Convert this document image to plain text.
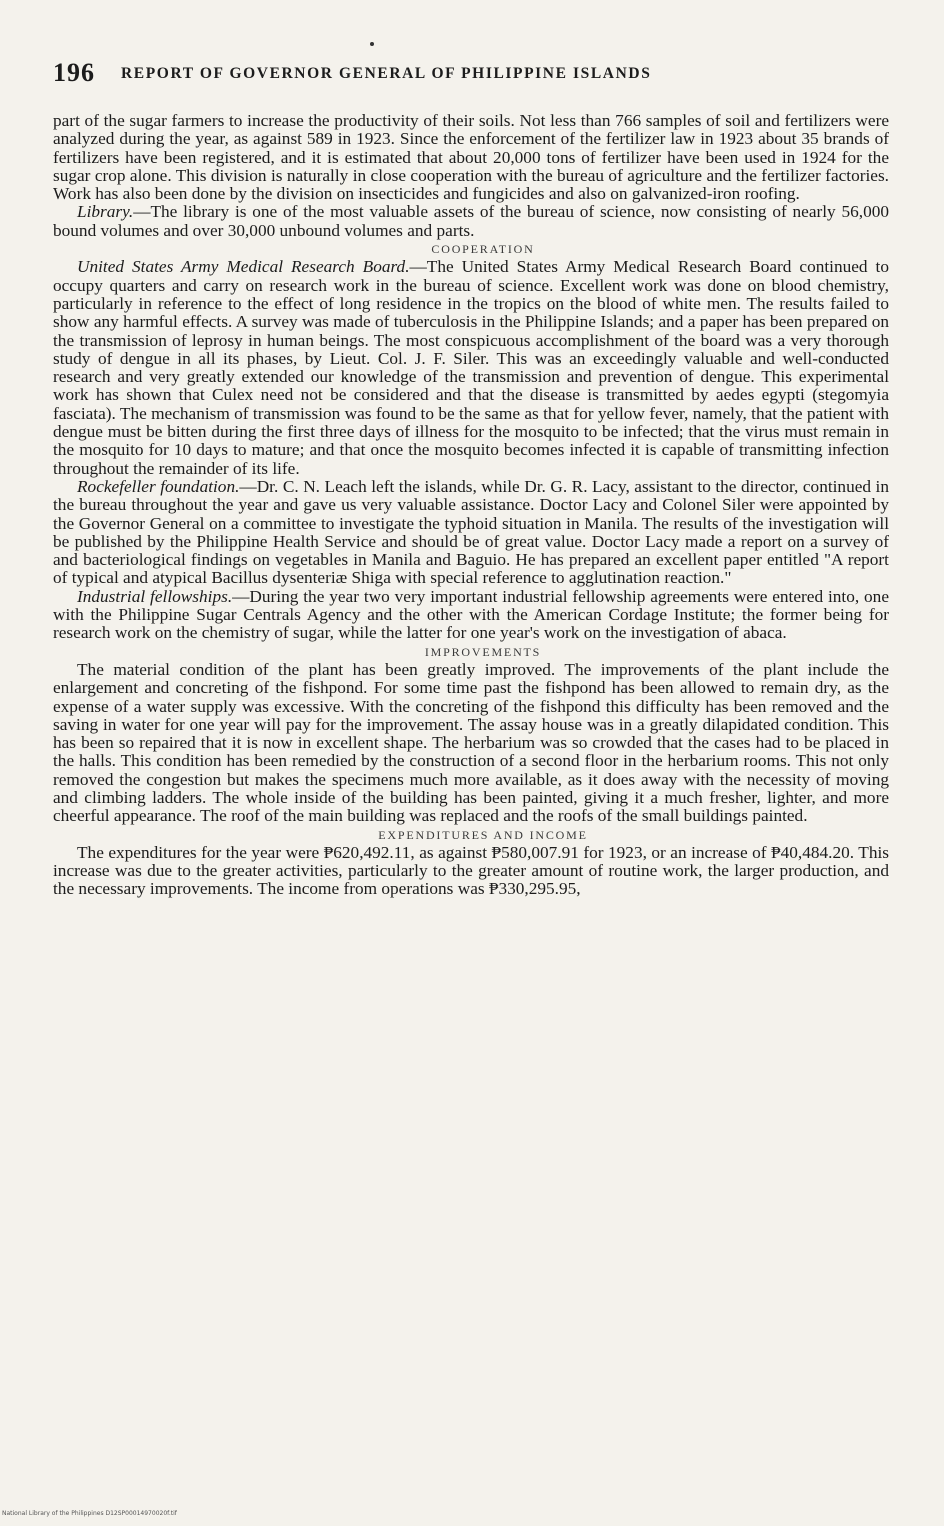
196 REPORT OF GOVERNOR GENERAL OF PHILIPPINE ISLANDS

part of the sugar farmers to increase the productivity of their soils. Not less than 766 samples of soil and fertilizers were analyzed during the year, as against 589 in 1923. Since the enforcement of the fertilizer law in 1923 about 35 brands of fertilizers have been registered, and it is estimated that about 20,000 tons of fertilizer have been used in 1924 for the sugar crop alone. This division is naturally in close cooperation with the bureau of agriculture and the fertilizer factories. Work has also been done by the division on insecticides and fungicides and also on galvanized-iron roofing.

Library.—The library is one of the most valuable assets of the bureau of science, now consisting of nearly 56,000 bound volumes and over 30,000 unbound volumes and parts.

COOPERATION

United States Army Medical Research Board.—The United States Army Medical Research Board continued to occupy quarters and carry on research work in the bureau of science. Excellent work was done on blood chemistry, particularly in reference to the effect of long residence in the tropics on the blood of white men. The results failed to show any harmful effects. A survey was made of tuberculosis in the Philippine Islands; and a paper has been prepared on the transmission of leprosy in human beings. The most conspicuous accomplishment of the board was a very thorough study of dengue in all its phases, by Lieut. Col. J. F. Siler. This was an exceedingly valuable and well-conducted research and very greatly extended our knowledge of the transmission and prevention of dengue. This experimental work has shown that Culex need not be considered and that the disease is transmitted by aedes egypti (stegomyia fasciata). The mechanism of transmission was found to be the same as that for yellow fever, namely, that the patient with dengue must be bitten during the first three days of illness for the mosquito to be infected; that the virus must remain in the mosquito for 10 days to mature; and that once the mosquito becomes infected it is capable of transmitting infection throughout the remainder of its life.

Rockefeller foundation.—Dr. C. N. Leach left the islands, while Dr. G. R. Lacy, assistant to the director, continued in the bureau throughout the year and gave us very valuable assistance. Doctor Lacy and Colonel Siler were appointed by the Governor General on a committee to investigate the typhoid situation in Manila. The results of the investigation will be published by the Philippine Health Service and should be of great value. Doctor Lacy made a report on a survey of and bacteriological findings on vegetables in Manila and Baguio. He has prepared an excellent paper entitled "A report of typical and atypical Bacillus dysenteriæ Shiga with special reference to agglutination reaction."

Industrial fellowships.—During the year two very important industrial fellowship agreements were entered into, one with the Philippine Sugar Centrals Agency and the other with the American Cordage Institute; the former being for research work on the chemistry of sugar, while the latter for one year's work on the investigation of abaca.

IMPROVEMENTS

The material condition of the plant has been greatly improved. The improvements of the plant include the enlargement and concreting of the fishpond. For some time past the fishpond has been allowed to remain dry, as the expense of a water supply was excessive. With the concreting of the fishpond this difficulty has been removed and the saving in water for one year will pay for the improvement. The assay house was in a greatly dilapidated condition. This has been so repaired that it is now in excellent shape. The herbarium was so crowded that the cases had to be placed in the halls. This condition has been remedied by the construction of a second floor in the herbarium rooms. This not only removed the congestion but makes the specimens much more available, as it does away with the necessity of moving and climbing ladders. The whole inside of the building has been painted, giving it a much fresher, lighter, and more cheerful appearance. The roof of the main building was replaced and the roofs of the small buildings painted.

EXPENDITURES AND INCOME

The expenditures for the year were ₱620,492.11, as against ₱580,007.91 for 1923, or an increase of ₱40,484.20. This increase was due to the greater activities, particularly to the greater amount of routine work, the larger production, and the necessary improvements. The income from operations was ₱330,295.95,

National Library of the Philippines D12SP00014970020f.tif
